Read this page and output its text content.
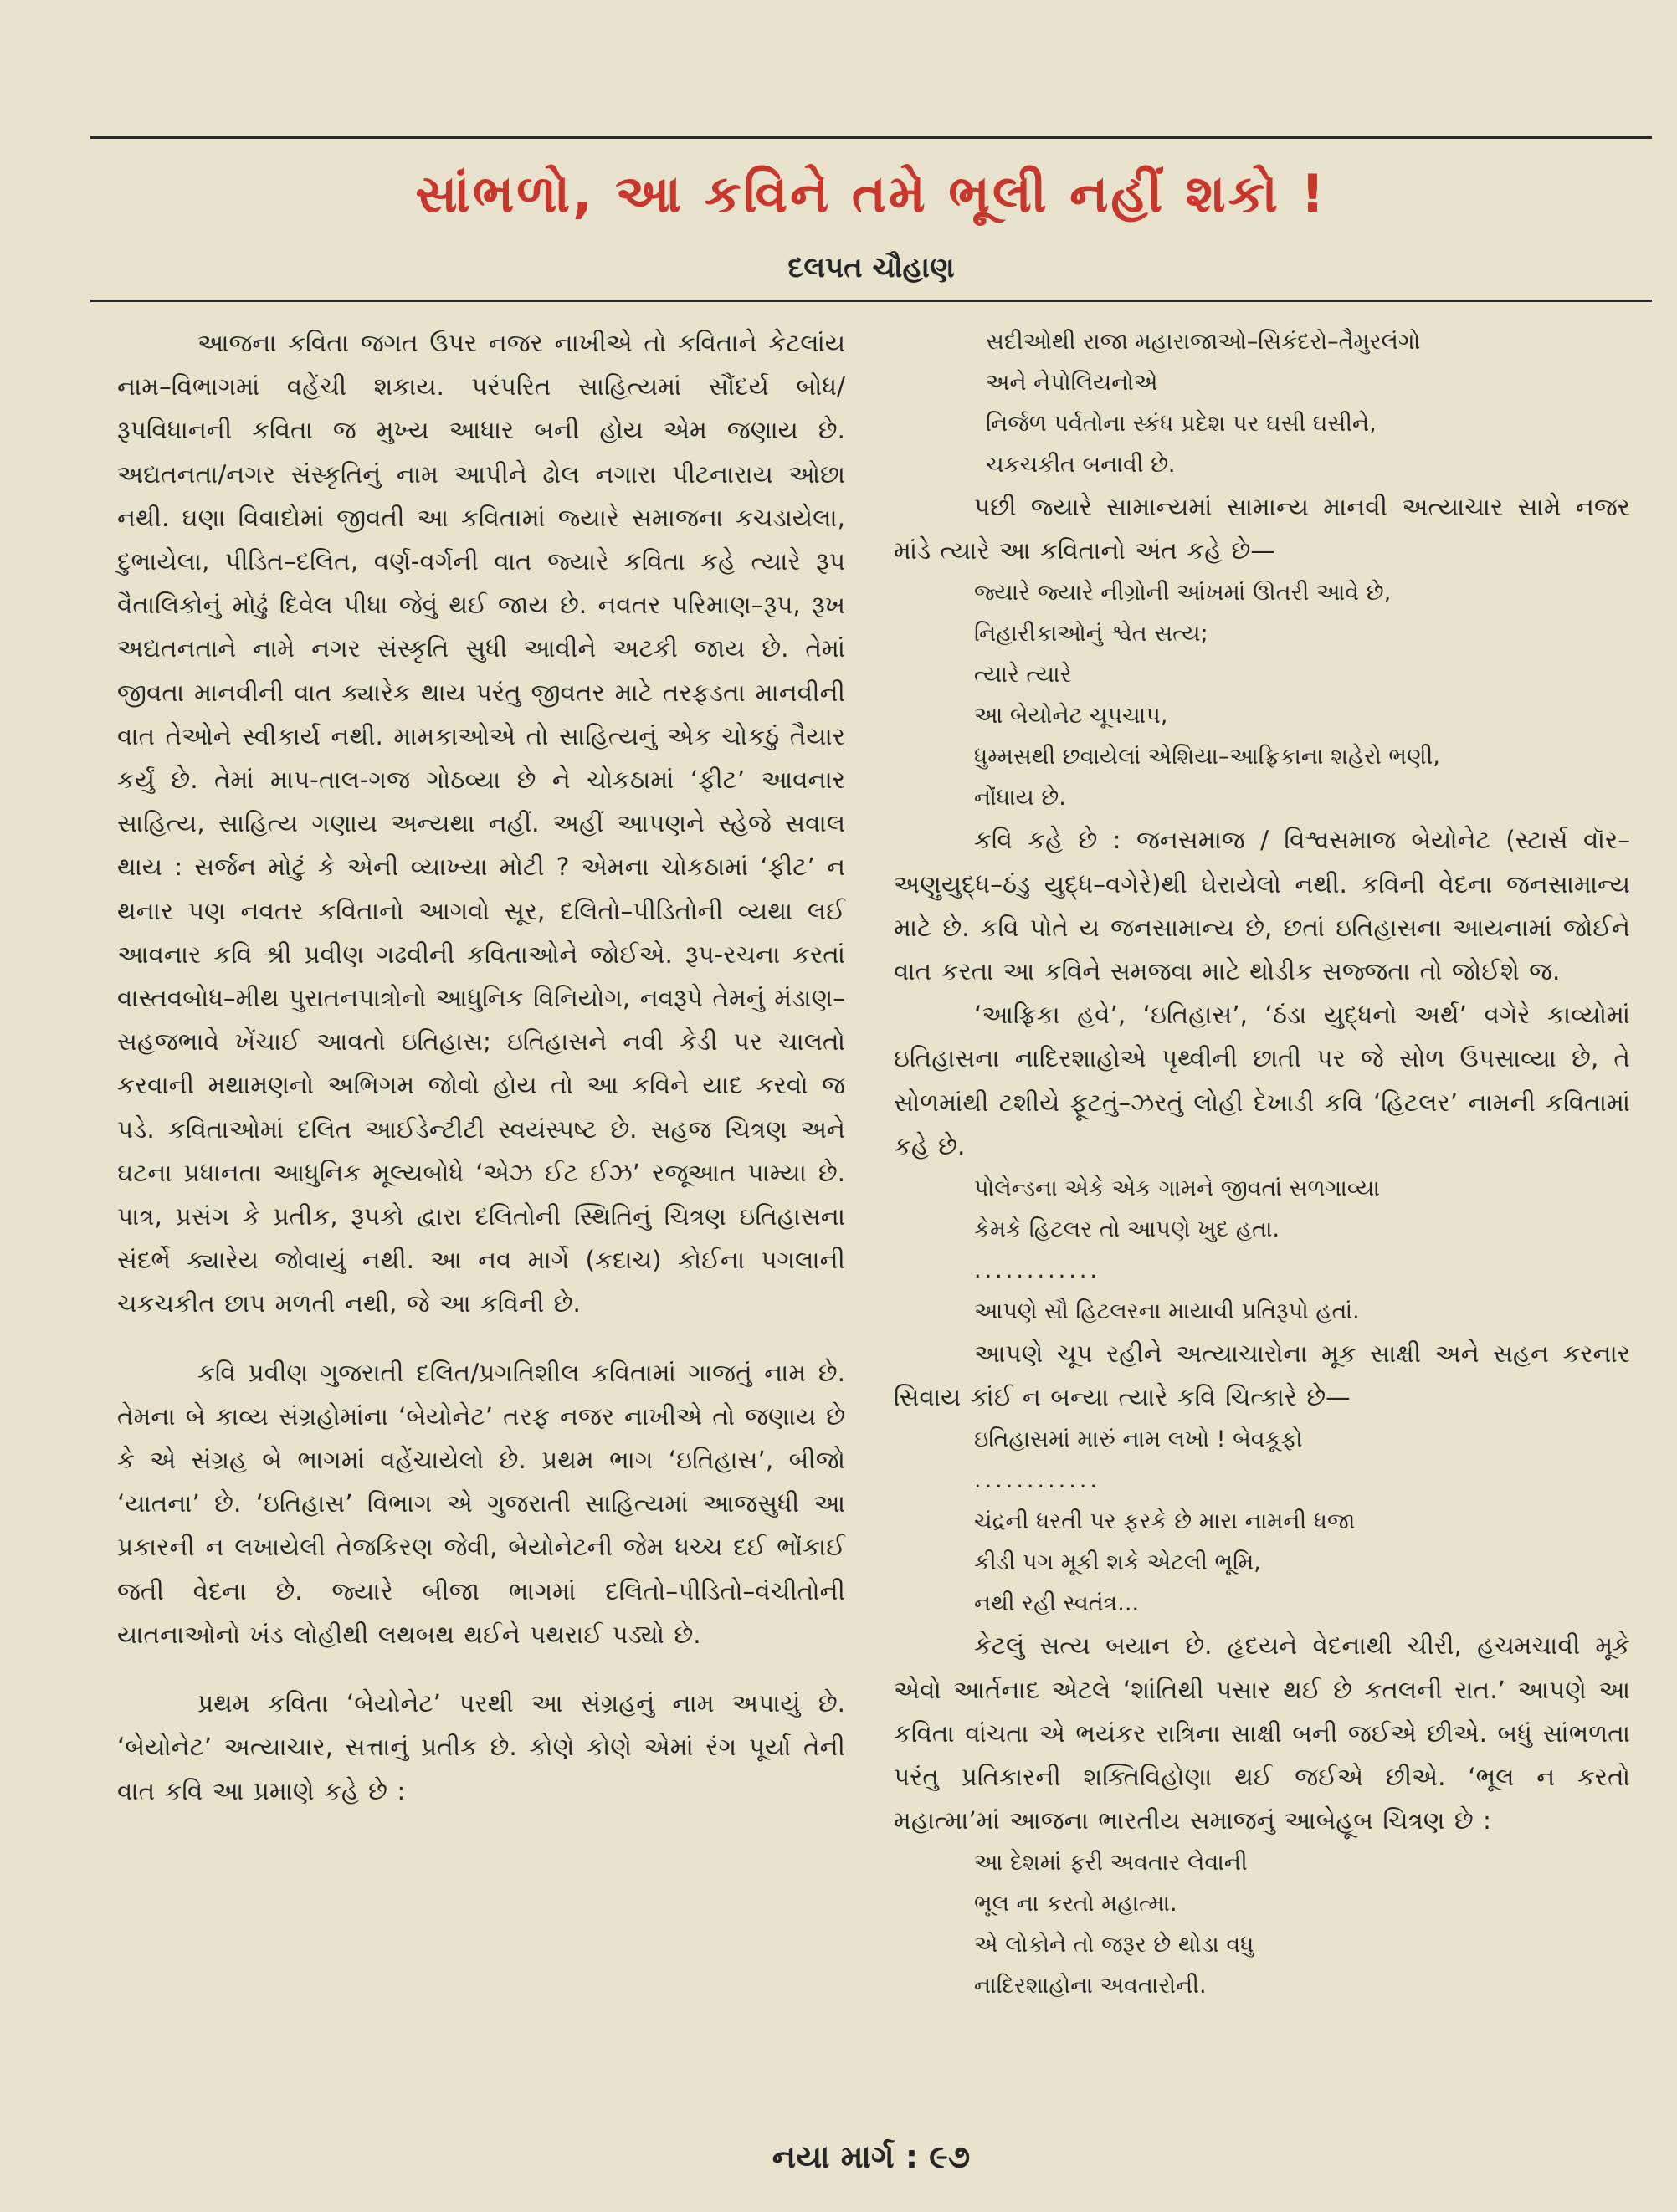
સાંભળો, આ કવિને તમે ભૂલી નહીં શકો !
દલપત ચૌહાણ

આજના કવિતા જગત ઉપર નજર નાખીએ તો કવિતાને કેટલાંય નામ–વિભાગમાં વહેંચી શકાય. પરંપરિત સાહિત્યમાં સૌંદર્ય બોધ/રૂપવિધાનની કવિતા જ મુખ્ય આધાર બની હોય એમ જણાય છે. અદ્યતનતા/નગર સંસ્કૃતિનું નામ આપીને ઢોલ નગારા પીટનારાય ઓછા નથી. ઘણા વિવાદોમાં જીવતી આ કવિતામાં જ્યારે સમાજના કચડાયેલા, દુભાયેલા, પીડિત–દલિત, વર્ણ-વર્ગની વાત જ્યારે કવિતા કહે ત્યારે રૂપ વૈતાલિકોનું મોઢું દિવેલ પીધા જેવું થઈ જાય છે. નવતર પરિમાણ–રૂપ, રૂખ અદ્યતનતાને નામે નગર સંસ્કૃતિ સુધી આવીને અટકી જાય છે. તેમાં જીવતા માનવીની વાત ક્યારેક થાય પરંતુ જીવતર માટે તરફડતા માનવીની વાત તેઓને સ્વીકાર્ય નથી. મામકાઓએ તો સાહિત્યનું એક ચોકઠું તૈયાર કર્યું છે. તેમાં માપ-તાલ-ગજ ગોઠવ્યા છે ને ચોકઠામાં ‘ફીટ’ આવનાર સાહિત્ય, સાહિત્ય ગણાય અન્યથા નહીં. અહીં આપણને સ્હેજે સવાલ થાય : સર્જન મોટું કે એની વ્યાખ્યા મોટી ? એમના ચોકઠામાં ‘ફીટ’ ન થનાર પણ નવતર કવિતાનો આગવો સૂર, દલિતો–પીડિતોની વ્યથા લઈ આવનાર કવિ શ્રી પ્રવીણ ગઢવીની કવિતાઓને જોઈએ. રૂપ-રચના કરતાં વાસ્તવબોધ–મીથ પુરાતનપાત્રોનો આધુનિક વિનિયોગ, નવરૂપે તેમનું મંડાણ–સહજભાવે ખેંચાઈ આવતો ઇતિહાસ; ઇતિહાસને નવી કેડી પર ચાલતો કરવાની મથામણનો અભિગમ જોવો હોય તો આ કવિને યાદ કરવો જ પડે. કવિતાઓમાં દલિત આઈડેન્ટીટી સ્વયંસ્પષ્ટ છે. સહજ ચિત્રણ અને ઘટના પ્રધાનતા આધુનિક મૂલ્યબોધે ‘એઝ ઈટ ઈઝ’ રજૂઆત પામ્યા છે. પાત્ર, પ્રસંગ કે પ્રતીક, રૂપકો દ્વારા દલિતોની સ્થિતિનું ચિત્રણ ઇતિહાસના સંદર્ભે ક્યારેય જોવાયું નથી. આ નવ માર્ગે (કદાચ) કોઈના પગલાની ચકચકીત છાપ મળતી નથી, જે આ કવિની છે.

કવિ પ્રવીણ ગુજરાતી દલિત/પ્રગતિશીલ કવિતામાં ગાજતું નામ છે. તેમના બે કાવ્ય સંગ્રહોમાંના ‘બેયોનેટ’ તરફ નજર નાખીએ તો જણાય છે કે એ સંગ્રહ બે ભાગમાં વહેંચાયેલો છે. પ્રથમ ભાગ ‘ઇતિહાસ’, બીજો ‘યાતના’ છે. ‘ઇતિહાસ’ વિભાગ એ ગુજરાતી સાહિત્યમાં આજસુધી આ પ્રકારની ન લખાયેલી તેજકિરણ જેવી, બેયોનેટની જેમ ધચ્ચ દઈ ભોંકાઈ જતી વેદના છે. જ્યારે બીજા ભાગમાં દલિતો–પીડિતો–વંચીતોની યાતનાઓનો ખંડ લોહીથી લથબથ થઈને પથરાઈ પડ્યો છે.

પ્રથમ કવિતા ‘બેયોનેટ’ પરથી આ સંગ્રહનું નામ અપાયું છે. ‘બેયોનેટ’ અત્યાચાર, સત્તાનું પ્રતીક છે. કોણે કોણે એમાં રંગ પૂર્યા તેની વાત કવિ આ પ્રમાણે કહે છે :

સદીઓથી રાજા મહારાજાઓ–સિકંદરો–તૈમુરલંગો
અને નેપોલિયનોએ
નિર્જળ પર્વતોના સ્કંધ પ્રદેશ પર ઘસી ઘસીને,
ચકચકીત બનાવી છે.

પછી જ્યારે સામાન્યમાં સામાન્ય માનવી અત્યાચાર સામે નજર માંડે ત્યારે આ કવિતાનો અંત કહે છે—

જ્યારે જ્યારે નીગ્રોની આંખમાં ઊતરી આવે છે,
નિહારીકાઓનું શ્વેત સત્ય;
ત્યારે ત્યારે
આ બેયોનેટ ચૂપચાપ,
ધુમ્મસથી છવાયેલાં એશિયા–આફ્રિકાના શહેરો ભણી,
નોંધાય છે.

કવિ કહે છે : જનસમાજ / વિશ્વસમાજ બેયોનેટ (સ્ટાર્સ વૉર–અણુયુદ્ધ–ઠંડુ યુદ્ધ–વગેરે)થી ઘેરાયેલો નથી. કવિની વેદના જનસામાન્ય માટે છે. કવિ પોતે ય જનસામાન્ય છે, છતાં ઇતિહાસના આયનામાં જોઈને વાત કરતા આ કવિને સમજવા માટે થોડીક સજ્જતા તો જોઈશે જ.

‘આફ્રિકા હવે’, ‘ઇતિહાસ’, ‘ઠંડા યુદ્ધનો અર્થ’ વગેરે કાવ્યોમાં ઇતિહાસના નાદિરશાહોએ પૃથ્વીની છાતી પર જે સોળ ઉપસાવ્યા છે, તે સોળમાંથી ટશીયે ફૂટતું–ઝરતું લોહી દેખાડી કવિ ‘હિટલર’ નામની કવિતામાં કહે છે.

પોલેન્ડના એકે એક ગામને જીવતાં સળગાવ્યા
કેમકે હિટલર તો આપણે ખુદ હતા.
............
આપણે સૌ હિટલરના માયાવી પ્રતિરૂપો હતાં.

આપણે ચૂપ રહીને અત્યાચારોના મૂક સાક્ષી અને સહન કરનાર સિવાય કાંઈ ન બન્યા ત્યારે કવિ ચિત્કારે છે—

ઇતિહાસમાં મારું નામ લખો ! બેવકૂફો
............
ચંદ્રની ધરતી પર ફરકે છે મારા નામની ધજા
કીડી પગ મૂકી શકે એટલી ભૂમિ,
નથી રહી સ્વતંત્ર...

કેટલું સત્ય બયાન છે. હૃદયને વેદનાથી ચીરી, હચમચાવી મૂકે એવો આર્તનાદ એટલે ‘શાંતિથી પસાર થઈ છે કતલની રાત.’ આપણે આ કવિતા વાંચતા એ ભયંકર રાત્રિના સાક્ષી બની જઈએ છીએ. બધું સાંભળતા પરંતુ પ્રતિકારની શક્તિવિહોણા થઈ જઈએ છીએ. ‘ભૂલ ન કરતો મહાત્મા’માં આજના ભારતીય સમાજનું આબેહૂબ ચિત્રણ છે :

આ દેશમાં ફરી અવતાર લેવાની
ભૂલ ના કરતો મહાત્મા.
એ લોકોને તો જરૂર છે થોડા વધુ
નાદિરશાહોના અવતારોની.
નયા માર્ગ : ૯૭
